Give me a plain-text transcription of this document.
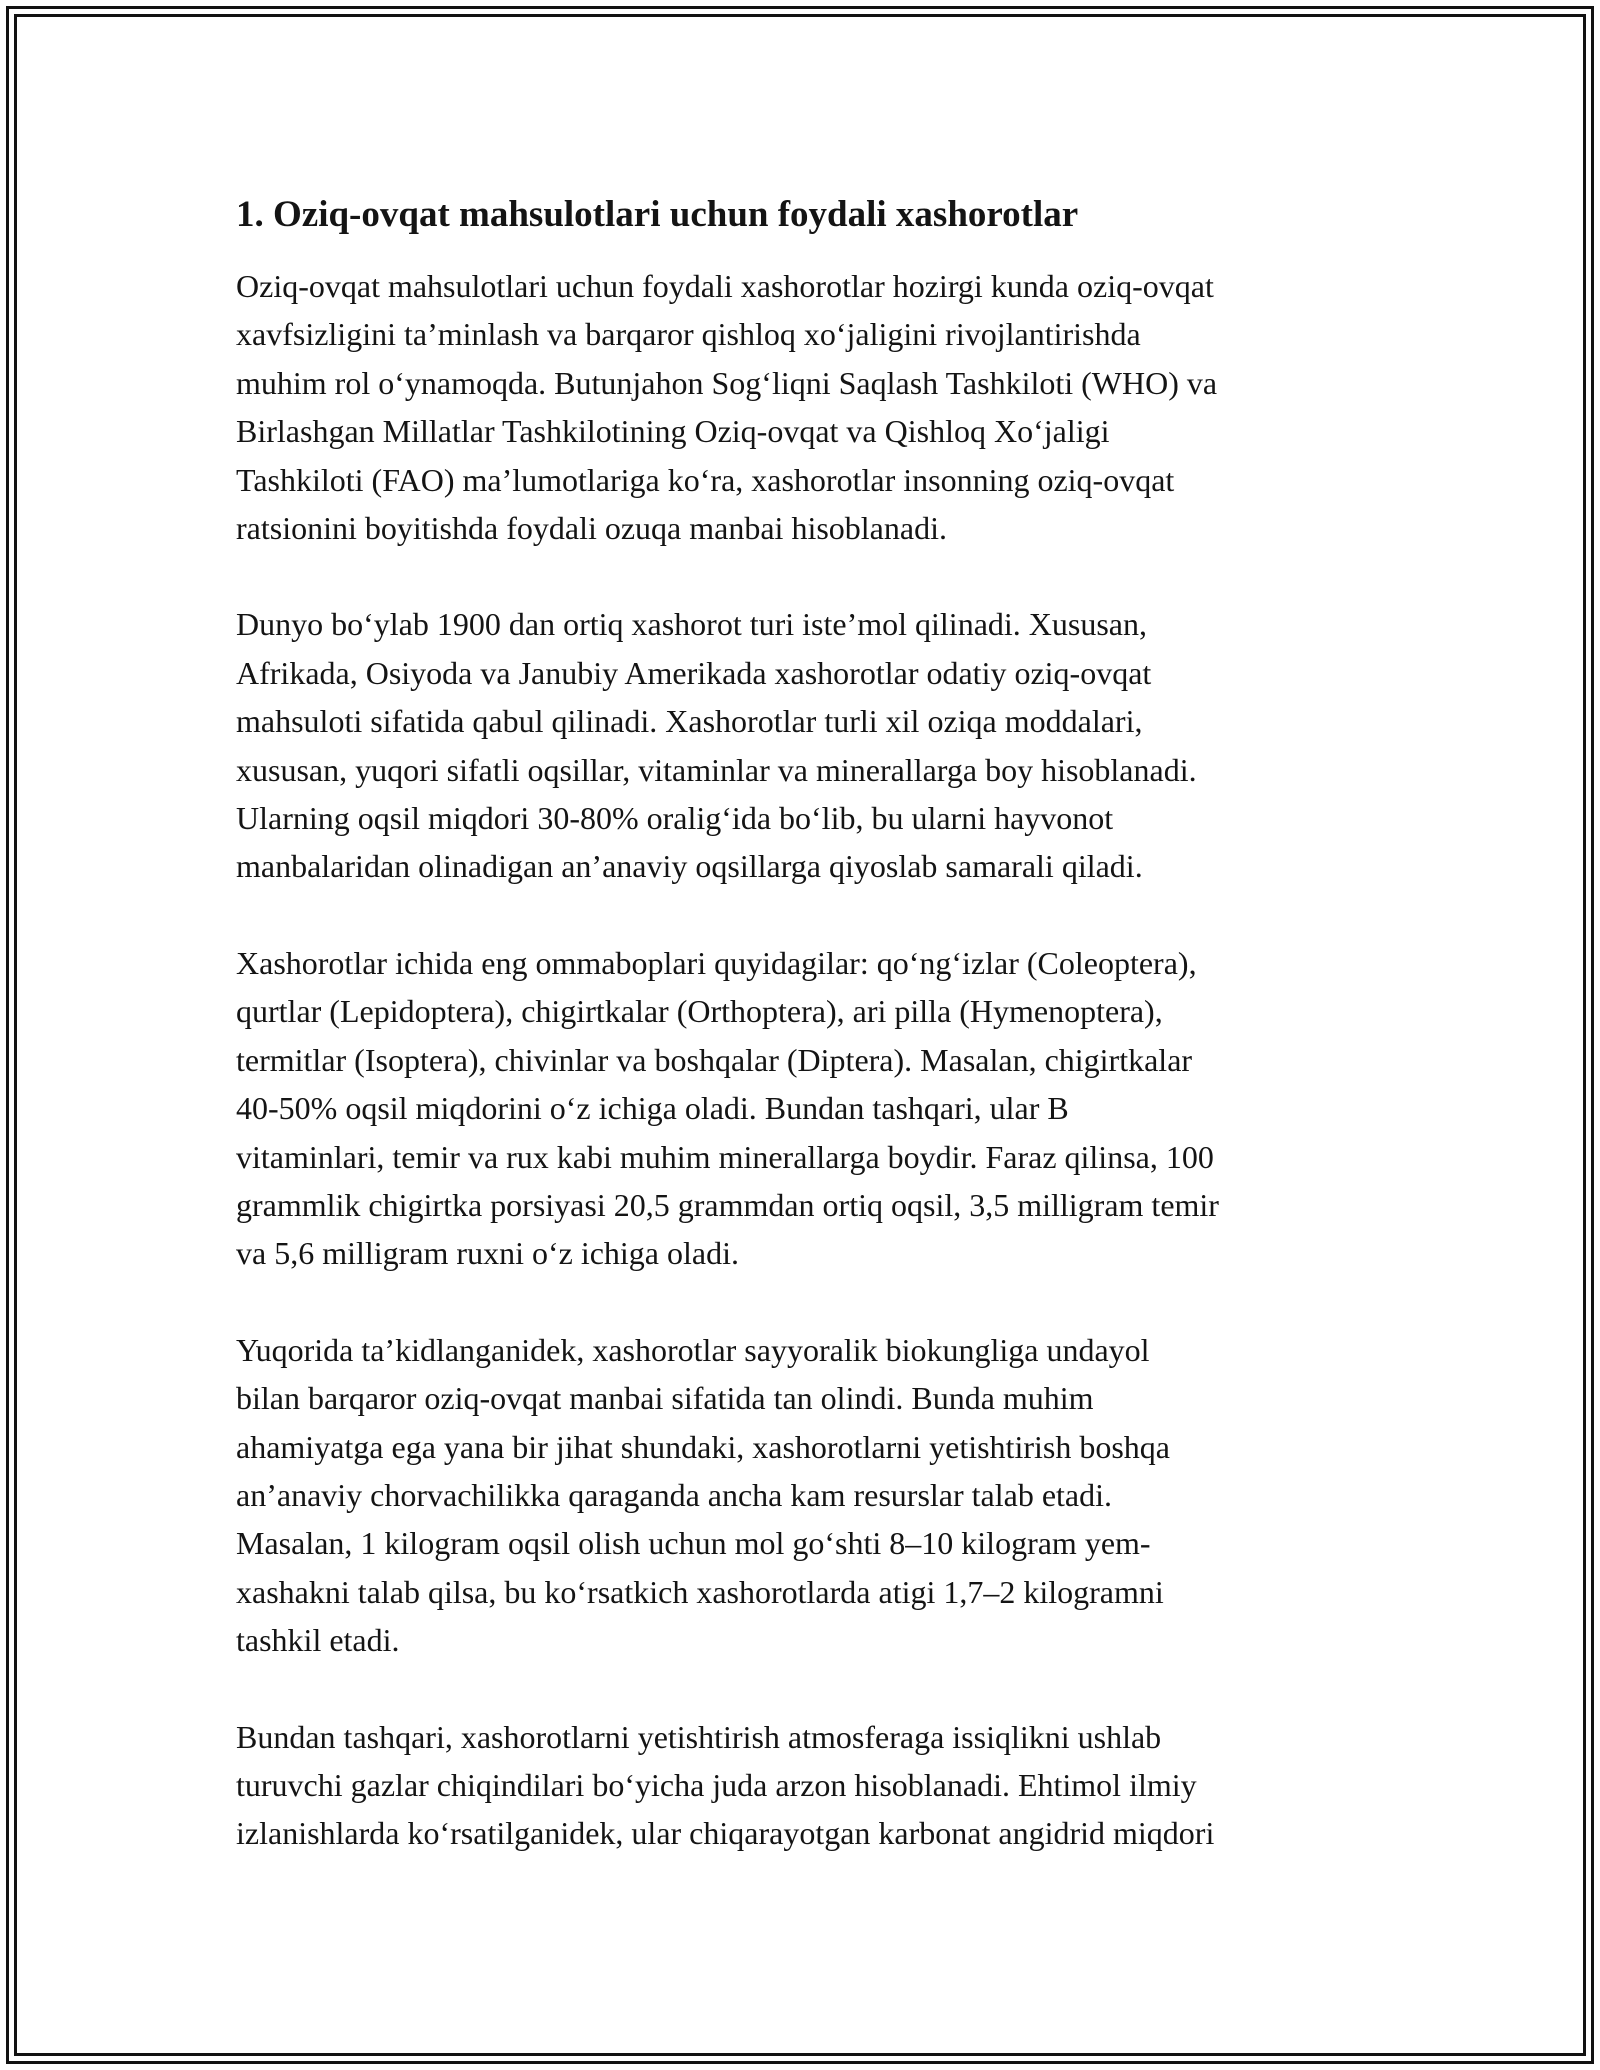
1. Oziq-ovqat mahsulotlari uchun foydali xashorotlar

Oziq-ovqat mahsulotlari uchun foydali xashorotlar hozirgi kunda oziq-ovqat
xavfsizligini ta’minlash va barqaror qishloq xoʻjaligini rivojlantirishda
muhim rol oʻynamoqda. Butunjahon Sogʻliqni Saqlash Tashkiloti (WHO) va
Birlashgan Millatlar Tashkilotining Oziq-ovqat va Qishloq Xoʻjaligi
Tashkiloti (FAO) ma’lumotlariga koʻra, xashorotlar insonning oziq-ovqat
ratsionini boyitishda foydali ozuqa manbai hisoblanadi.

Dunyo boʻylab 1900 dan ortiq xashorot turi iste’mol qilinadi. Xususan,
Afrikada, Osiyoda va Janubiy Amerikada xashorotlar odatiy oziq-ovqat
mahsuloti sifatida qabul qilinadi. Xashorotlar turli xil oziqa moddalari,
xususan, yuqori sifatli oqsillar, vitaminlar va minerallarga boy hisoblanadi.
Ularning oqsil miqdori 30-80% oraligʻida boʻlib, bu ularni hayvonot
manbalaridan olinadigan an’anaviy oqsillarga qiyoslab samarali qiladi.

Xashorotlar ichida eng ommaboplari quyidagilar: qoʻngʻizlar (Coleoptera),
qurtlar (Lepidoptera), chigirtkalar (Orthoptera), ari pilla (Hymenoptera),
termitlar (Isoptera), chivinlar va boshqalar (Diptera). Masalan, chigirtkalar
40-50% oqsil miqdorini oʻz ichiga oladi. Bundan tashqari, ular B
vitaminlari, temir va rux kabi muhim minerallarga boydir. Faraz qilinsa, 100
grammlik chigirtka porsiyasi 20,5 grammdan ortiq oqsil, 3,5 milligram temir
va 5,6 milligram ruxni oʻz ichiga oladi.

Yuqorida ta’kidlanganidek, xashorotlar sayyoralik biokungliga undayol
bilan barqaror oziq-ovqat manbai sifatida tan olindi. Bunda muhim
ahamiyatga ega yana bir jihat shundaki, xashorotlarni yetishtirish boshqa
an’anaviy chorvachilikka qaraganda ancha kam resurslar talab etadi.
Masalan, 1 kilogram oqsil olish uchun mol goʻshti 8–10 kilogram yem-
xashakni talab qilsa, bu koʻrsatkich xashorotlarda atigi 1,7–2 kilogramni
tashkil etadi.

Bundan tashqari, xashorotlarni yetishtirish atmosferaga issiqlikni ushlab
turuvchi gazlar chiqindilari boʻyicha juda arzon hisoblanadi. Ehtimol ilmiy
izlanishlarda koʻrsatilganidek, ular chiqarayotgan karbonat angidrid miqdori
